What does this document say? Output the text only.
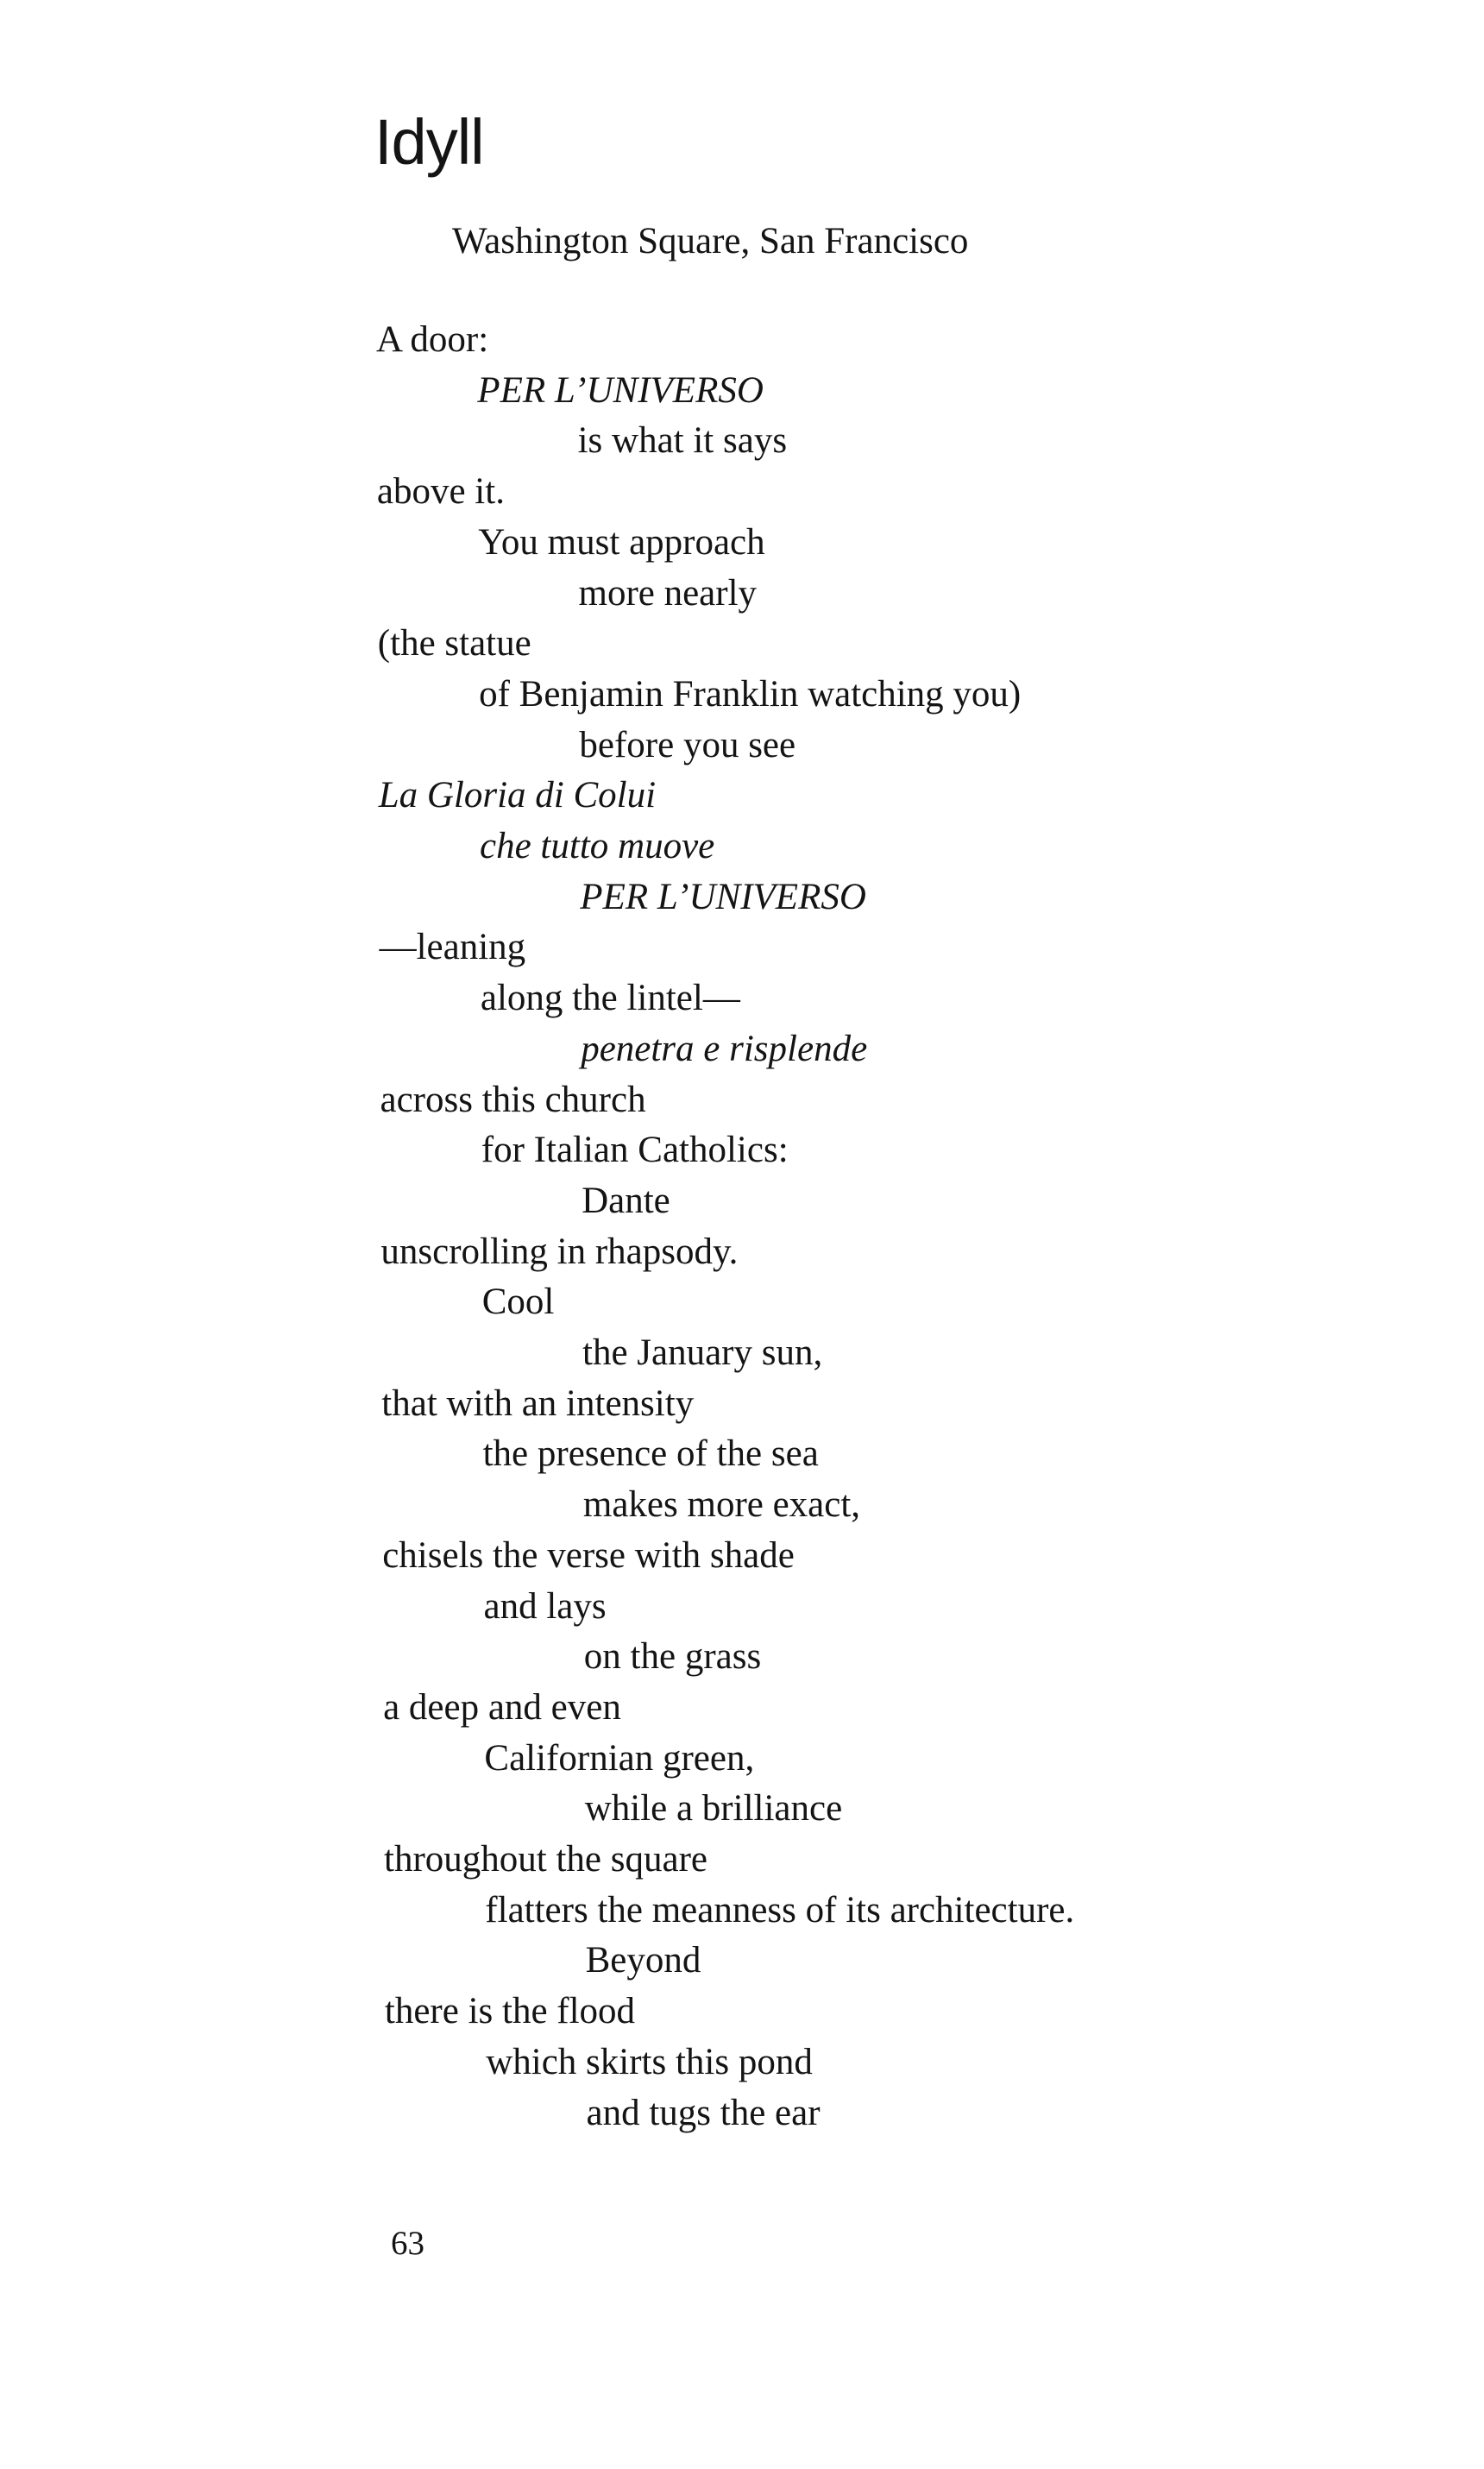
Idyll
Washington Square, San Francisco
A door:
PER L’UNIVERSO
is what it says
above it.
You must approach
more nearly
(the statue
of Benjamin Franklin watching you)
before you see
La Gloria di Colui
che tutto muove
PER L’UNIVERSO
—leaning
along the lintel—
penetra e risplende
across this church
for Italian Catholics:
Dante
unscrolling in rhapsody.
Cool
the January sun,
that with an intensity
the presence of the sea
makes more exact,
chisels the verse with shade
and lays
on the grass
a deep and even
Californian green,
while a brilliance
throughout the square
flatters the meanness of its architecture.
Beyond
there is the flood
which skirts this pond
and tugs the ear
63
